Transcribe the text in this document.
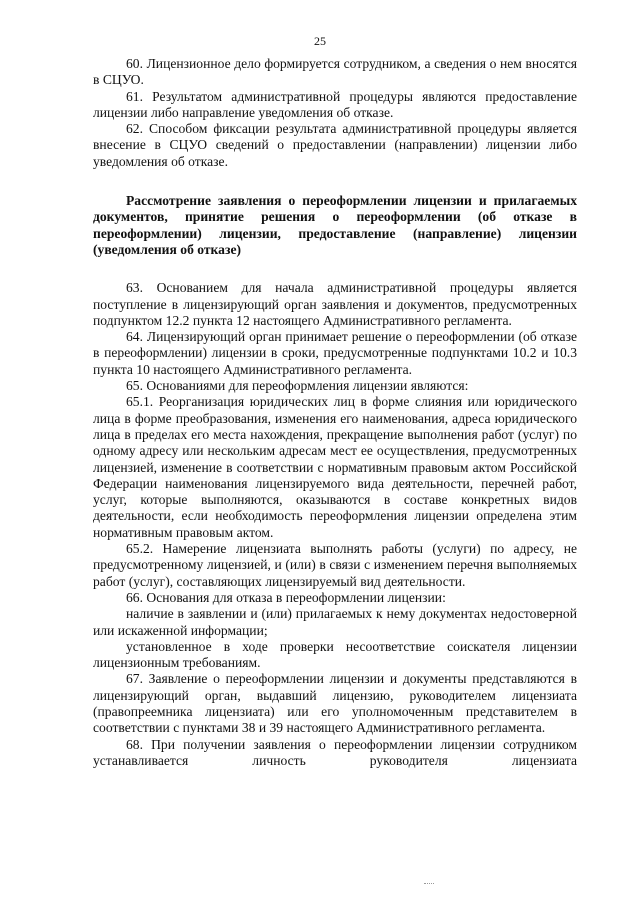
25

60. Лицензионное дело формируется сотрудником, а сведения о нем вносятся в СЦУО.

61. Результатом административной процедуры являются предоставление лицензии либо направление уведомления об отказе.

62. Способом фиксации результата административной процедуры является внесение в СЦУО сведений о предоставлении (направлении) лицензии либо уведомления об отказе.

Рассмотрение заявления о переоформлении лицензии и прилагаемых документов, принятие решения о переоформлении (об отказе в переоформлении) лицензии, предоставление (направление) лицензии (уведомления об отказе)

63. Основанием для начала административной процедуры является поступление в лицензирующий орган заявления и документов, предусмотренных подпунктом 12.2 пункта 12 настоящего Административного регламента.

64. Лицензирующий орган принимает решение о переоформлении (об отказе в переоформлении) лицензии в сроки, предусмотренные подпунктами 10.2 и 10.3 пункта 10 настоящего Административного регламента.

65. Основаниями для переоформления лицензии являются:

65.1. Реорганизация юридических лиц в форме слияния или юридического лица в форме преобразования, изменения его наименования, адреса юридического лица в пределах его места нахождения, прекращение выполнения работ (услуг) по одному адресу или нескольким адресам мест ее осуществления, предусмотренных лицензией, изменение в соответствии с нормативным правовым актом Российской Федерации наименования лицензируемого вида деятельности, перечней работ, услуг, которые выполняются, оказываются в составе конкретных видов деятельности, если необходимость переоформления лицензии определена этим нормативным правовым актом.

65.2. Намерение лицензиата выполнять работы (услуги) по адресу, не предусмотренному лицензией, и (или) в связи с изменением перечня выполняемых работ (услуг), составляющих лицензируемый вид деятельности.

66. Основания для отказа в переоформлении лицензии:

наличие в заявлении и (или) прилагаемых к нему документах недостоверной или искаженной информации;

установленное в ходе проверки несоответствие соискателя лицензии лицензионным требованиям.

67. Заявление о переоформлении лицензии и документы представляются в лицензирующий орган, выдавший лицензию, руководителем лицензиата (правопреемника лицензиата) или его уполномоченным представителем в соответствии с пунктами 38 и 39 настоящего Административного регламента.

68. При получении заявления о переоформлении лицензии сотрудником устанавливается личность руководителя лицензиата
